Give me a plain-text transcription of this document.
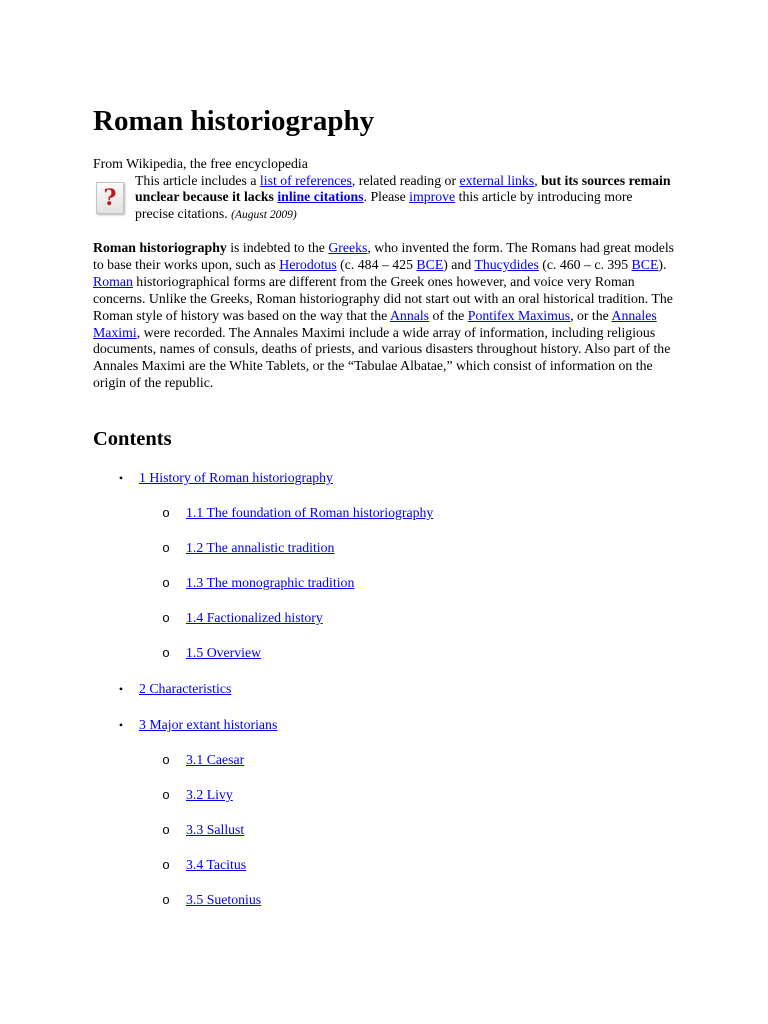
Roman historiography
From Wikipedia, the free encyclopedia
?

This article includes a list of references, related reading or external links, but its sources remain unclear because it lacks inline citations. Please improve this article by introducing more precise citations. (August 2009)

Roman historiography is indebted to the Greeks, who invented the form. The Romans had great models to base their works upon, such as Herodotus (c. 484 – 425 BCE) and Thucydides (c. 460 – c. 395 BCE). Roman historiographical forms are different from the Greek ones however, and voice very Roman concerns. Unlike the Greeks, Roman historiography did not start out with an oral historical tradition. The Roman style of history was based on the way that the Annals of the Pontifex Maximus, or the Annales Maximi, were recorded. The Annales Maximi include a wide array of information, including religious documents, names of consuls, deaths of priests, and various disasters throughout history. Also part of the Annales Maximi are the White Tablets, or the “Tabulae Albatae,” which consist of information on the origin of the republic.

Contents
• 1 History of Roman historiography
o 1.1 The foundation of Roman historiography
o 1.2 The annalistic tradition
o 1.3 The monographic tradition
o 1.4 Factionalized history
o 1.5 Overview
• 2 Characteristics
• 3 Major extant historians
o 3.1 Caesar
o 3.2 Livy
o 3.3 Sallust
o 3.4 Tacitus
o 3.5 Suetonius
